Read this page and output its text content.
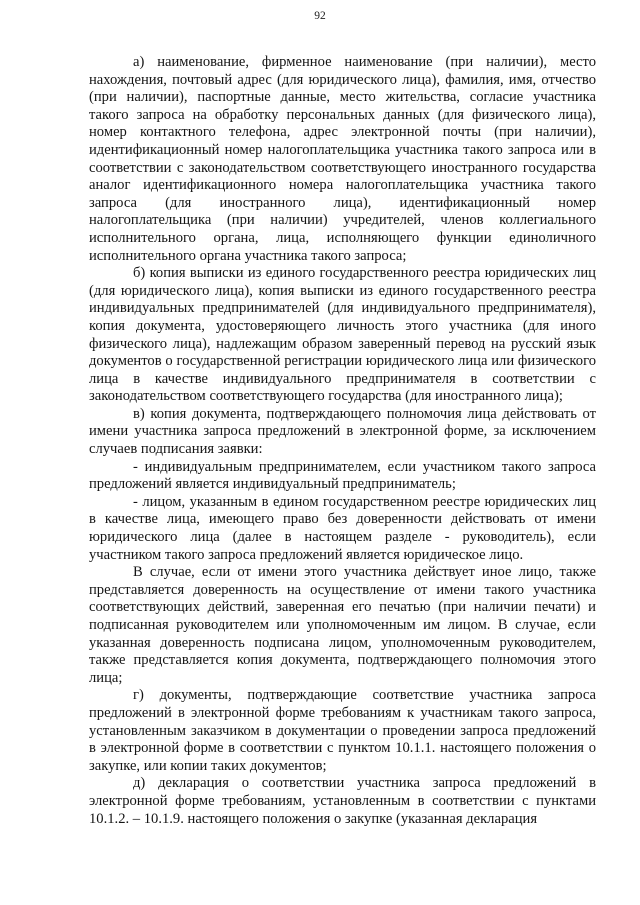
92

а) наименование, фирменное наименование (при наличии), место нахождения, почтовый адрес (для юридического лица), фамилия, имя, отчество (при наличии), паспортные данные, место жительства, согласие участника такого запроса на обработку персональных данных (для физического лица), номер контактного телефона, адрес электронной почты (при наличии), идентификационный номер налогоплательщика участника такого запроса или в соответствии с законодательством соответствующего иностранного государства аналог идентификационного номера налогоплательщика участника такого запроса (для иностранного лица), идентификационный номер налогоплательщика (при наличии) учредителей, членов коллегиального исполнительного органа, лица, исполняющего функции единоличного исполнительного органа участника такого запроса;

б) копия выписки из единого государственного реестра юридических лиц (для юридического лица), копия выписки из единого государственного реестра индивидуальных предпринимателей (для индивидуального предпринимателя), копия документа, удостоверяющего личность этого участника (для иного физического лица), надлежащим образом заверенный перевод на русский язык документов о государственной регистрации юридического лица или физического лица в качестве индивидуального предпринимателя в соответствии с законодательством соответствующего государства (для иностранного лица);

в) копия документа, подтверждающего полномочия лица действовать от имени участника запроса предложений в электронной форме, за исключением случаев подписания заявки:

- индивидуальным предпринимателем, если участником такого запроса предложений является индивидуальный предприниматель;

- лицом, указанным в едином государственном реестре юридических лиц в качестве лица, имеющего право без доверенности действовать от имени юридического лица (далее в настоящем разделе - руководитель), если участником такого запроса предложений является юридическое лицо.

В случае, если от имени этого участника действует иное лицо, также представляется доверенность на осуществление от имени такого участника соответствующих действий, заверенная его печатью (при наличии печати) и подписанная руководителем или уполномоченным им лицом. В случае, если указанная доверенность подписана лицом, уполномоченным руководителем, также представляется копия документа, подтверждающего полномочия этого лица;

г) документы, подтверждающие соответствие участника запроса предложений в электронной форме требованиям к участникам такого запроса, установленным заказчиком в документации о проведении запроса предложений в электронной форме в соответствии с пунктом 10.1.1. настоящего положения о закупке, или копии таких документов;

д) декларация о соответствии участника запроса предложений в электронной форме требованиям, установленным в соответствии с пунктами 10.1.2. – 10.1.9. настоящего положения о закупке (указанная декларация
